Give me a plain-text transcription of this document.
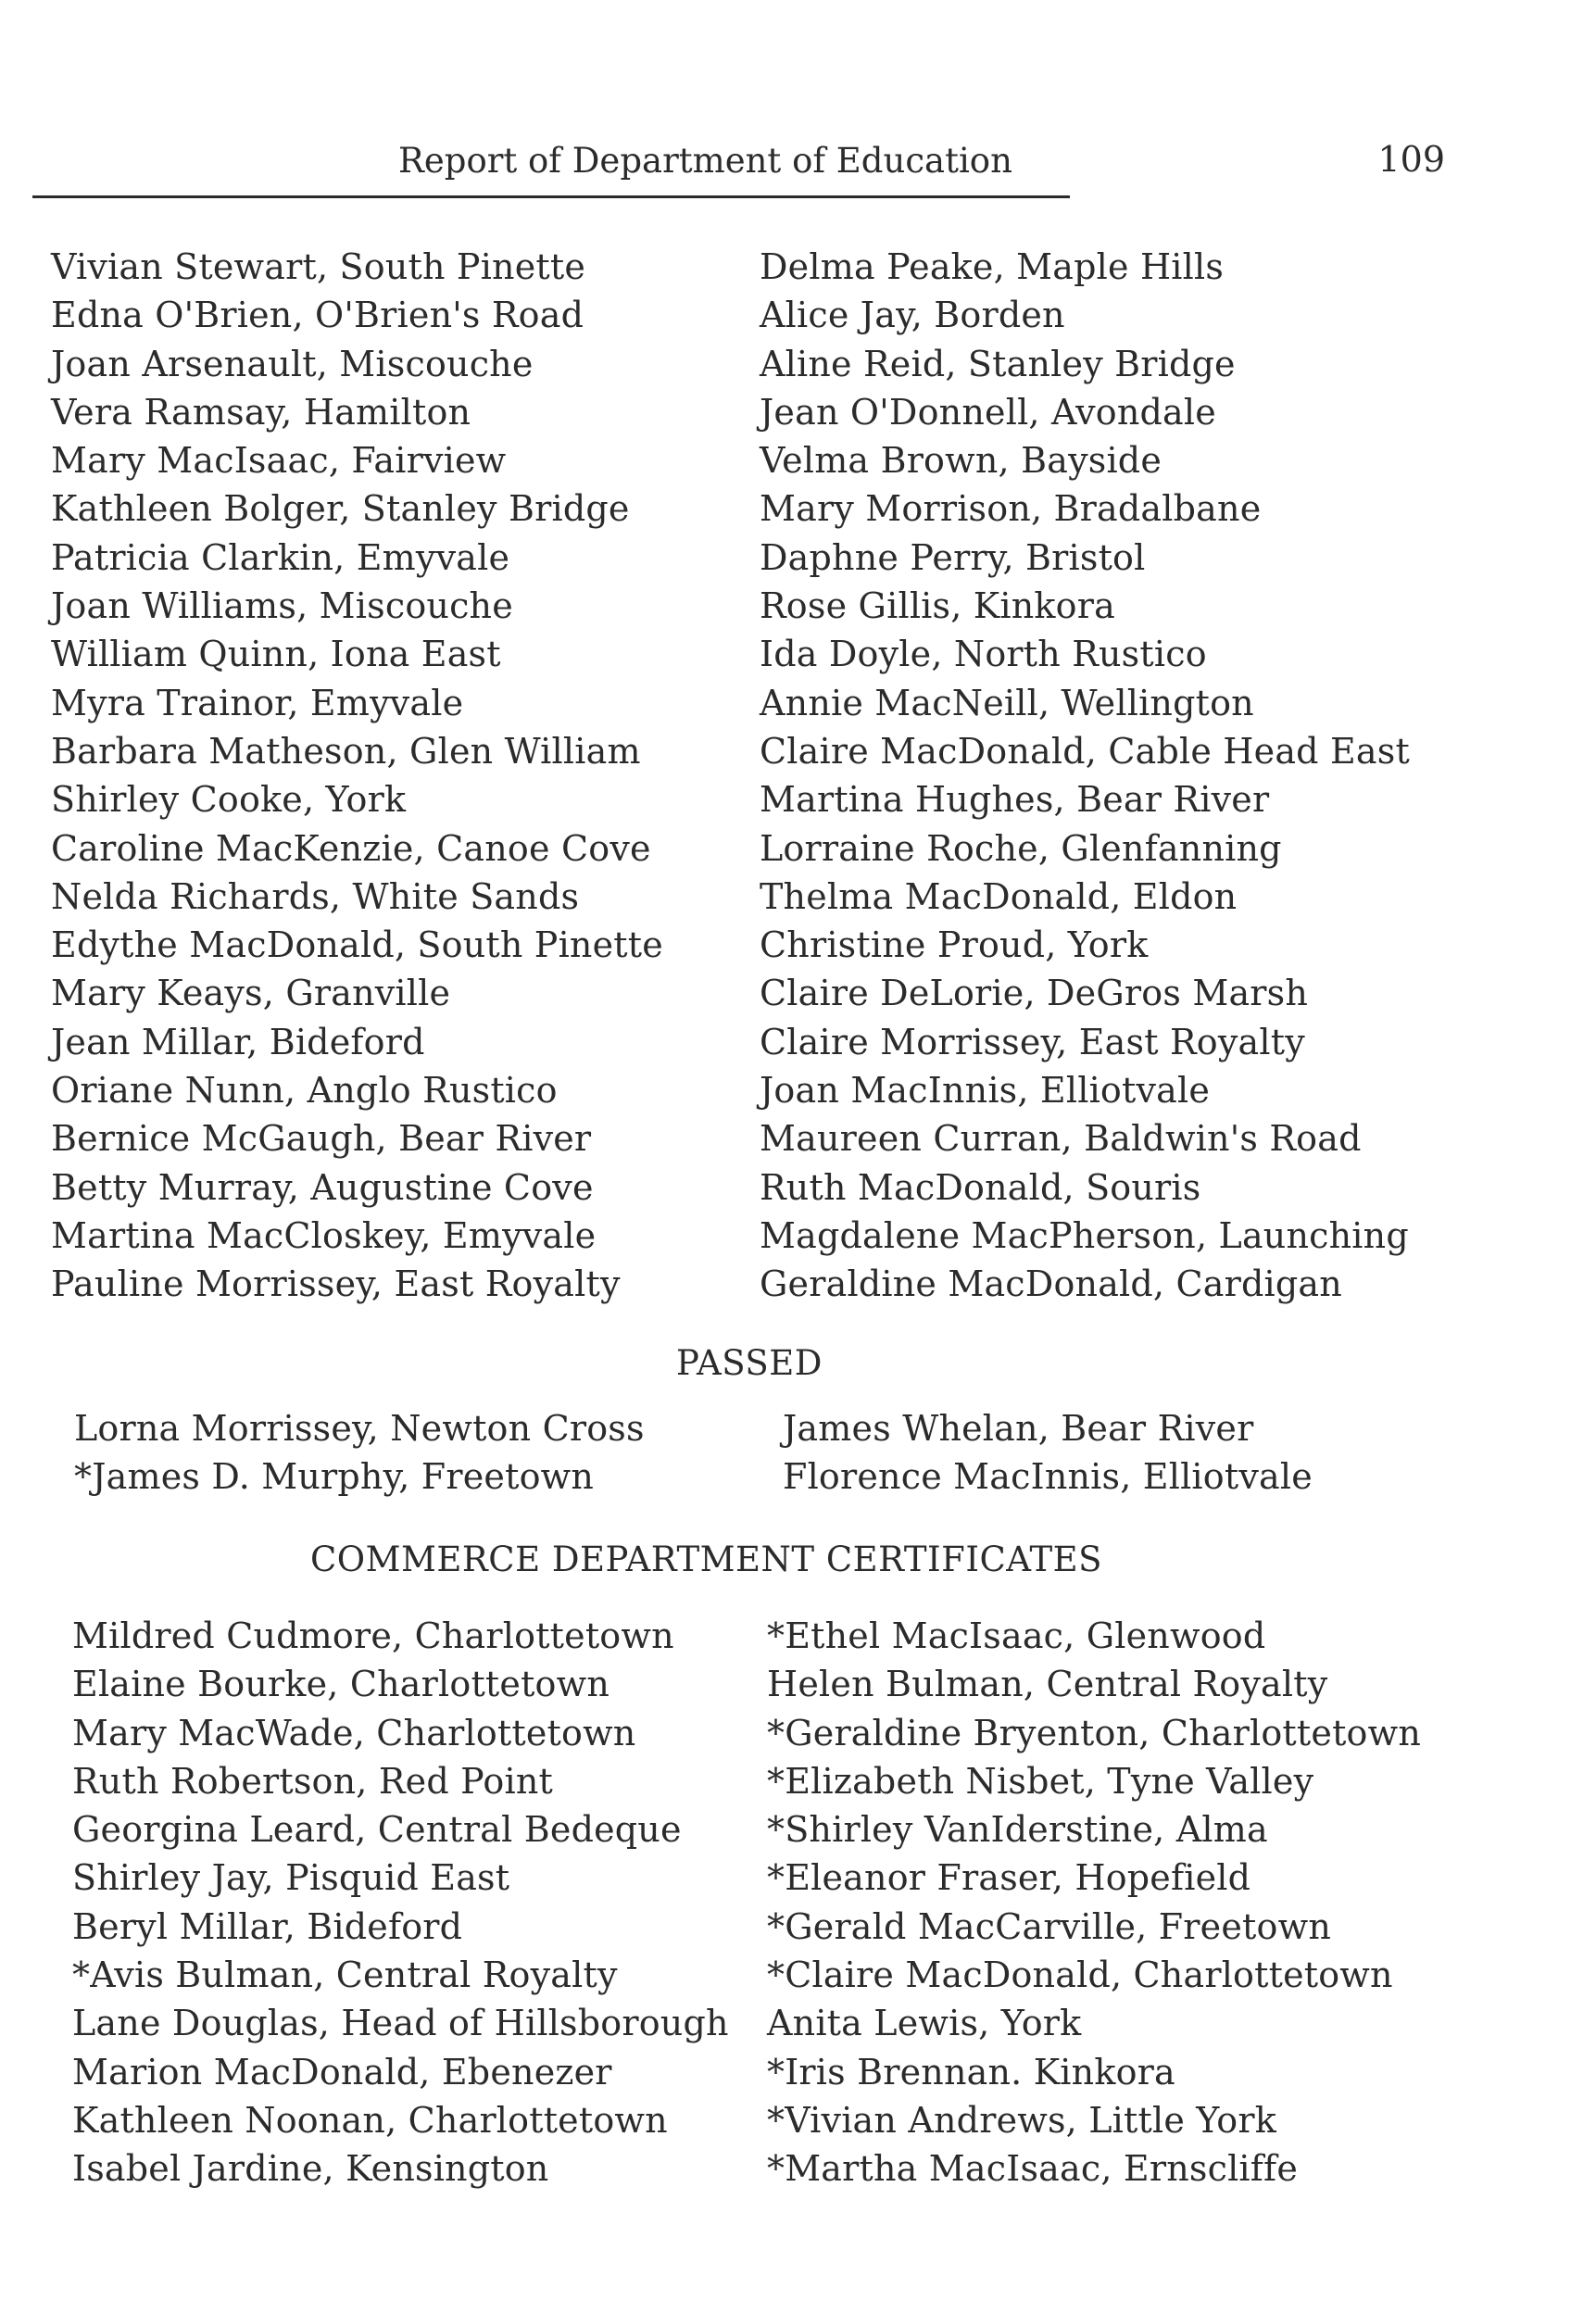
Report of Department of Education	109
Vivian Stewart, South Pinette
Edna O'Brien, O'Brien's Road
Joan Arsenault, Miscouche
Vera Ramsay, Hamilton
Mary MacIsaac, Fairview
Kathleen Bolger, Stanley Bridge
Patricia Clarkin, Emyvale
Joan Williams, Miscouche
William Quinn, Iona East
Myra Trainor, Emyvale
Barbara Matheson, Glen William
Shirley Cooke, York
Caroline MacKenzie, Canoe Cove
Nelda Richards, White Sands
Edythe MacDonald, South Pinette
Mary Keays, Granville
Jean Millar, Bideford
Oriane Nunn, Anglo Rustico
Bernice McGaugh, Bear River
Betty Murray, Augustine Cove
Martina MacCloskey, Emyvale
Pauline Morrissey, East Royalty
Delma Peake, Maple Hills
Alice Jay, Borden
Aline Reid, Stanley Bridge
Jean O'Donnell, Avondale
Velma Brown, Bayside
Mary Morrison, Bradalbane
Daphne Perry, Bristol
Rose Gillis, Kinkora
Ida Doyle, North Rustico
Annie MacNeill, Wellington
Claire MacDonald, Cable Head East
Martina Hughes, Bear River
Lorraine Roche, Glenfanning
Thelma MacDonald, Eldon
Christine Proud, York
Claire DeLorie, DeGros Marsh
Claire Morrissey, East Royalty
Joan MacInnis, Elliotvale
Maureen Curran, Baldwin's Road
Ruth MacDonald, Souris
Magdalene MacPherson, Launching
Geraldine MacDonald, Cardigan
PASSED
Lorna Morrissey, Newton Cross
*James D. Murphy, Freetown
James Whelan, Bear River
Florence MacInnis, Elliotvale
COMMERCE DEPARTMENT CERTIFICATES
Mildred Cudmore, Charlottetown
Elaine Bourke, Charlottetown
Mary MacWade, Charlottetown
Ruth Robertson, Red Point
Georgina Leard, Central Bedeque
Shirley Jay, Pisquid East
Beryl Millar, Bideford
*Avis Bulman, Central Royalty
Lane Douglas, Head of Hillsborough
Marion MacDonald, Ebenezer
Kathleen Noonan, Charlottetown
Isabel Jardine, Kensington
*Ethel MacIsaac, Glenwood
Helen Bulman, Central Royalty
*Geraldine Bryenton, Charlottetown
*Elizabeth Nisbet, Tyne Valley
*Shirley VanIderstine, Alma
*Eleanor Fraser, Hopefield
*Gerald MacCarville, Freetown
*Claire MacDonald, Charlottetown
Anita Lewis, York
*Iris Brennan. Kinkora
*Vivian Andrews, Little York
*Martha MacIsaac, Ernscliffe
